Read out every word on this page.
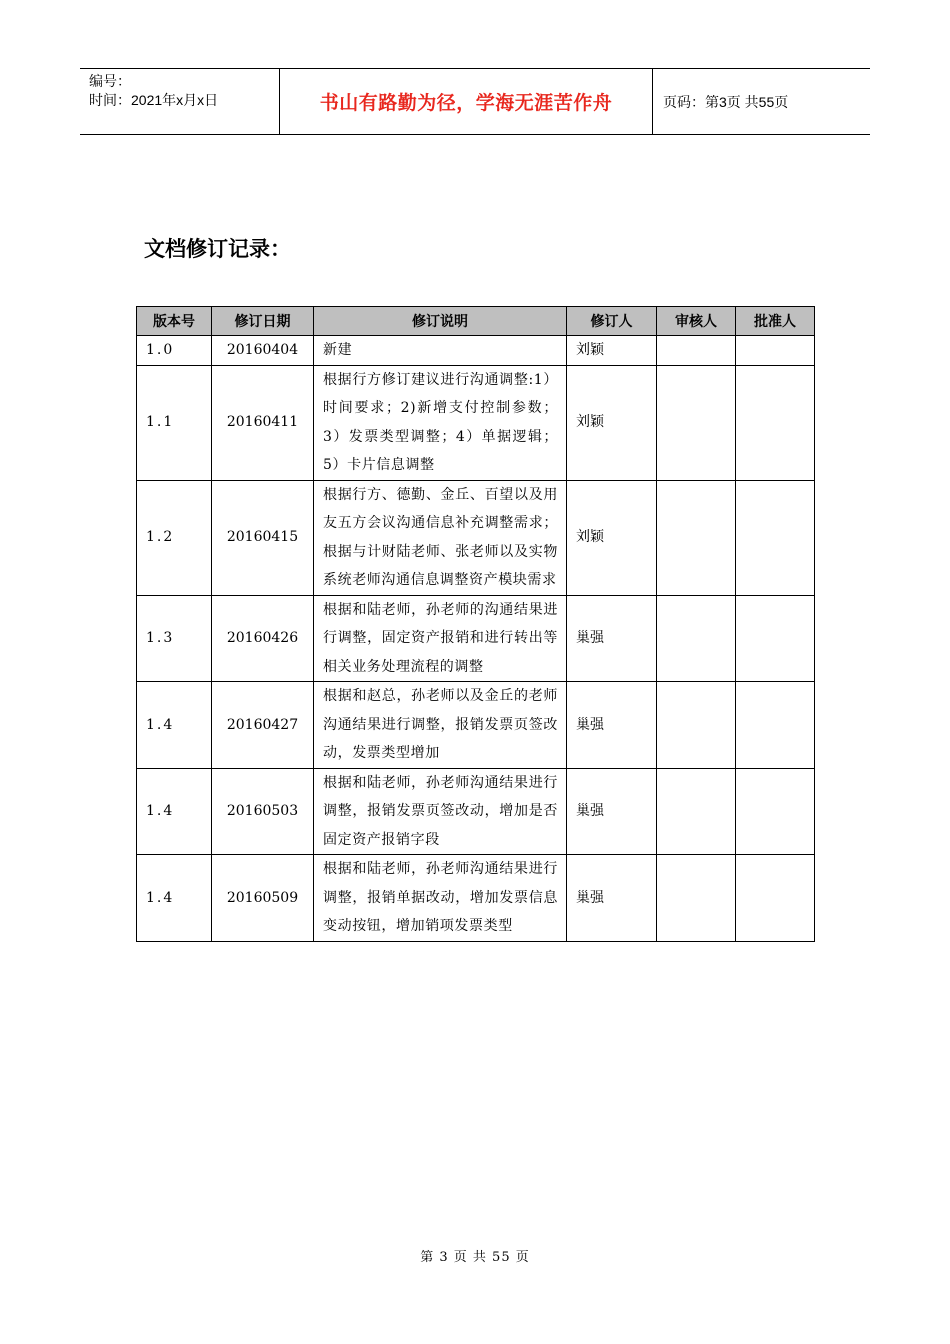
编号：
时间：2021年x月x日	书山有路勤为径，学海无涯苦作舟	页码：第3页 共55页
文档修订记录：
版本号	修订日期	修订说明	修订人	审核人	批准人
1.0	20160404	新建	刘颖		
1.1	20160411	根据行方修订建议进行沟通调整:1）时间要求；2)新增支付控制参数；3）发票类型调整；4）单据逻辑；5）卡片信息调整	刘颖		
1.2	20160415	根据行方、德勤、金丘、百望以及用友五方会议沟通信息补充调整需求；根据与计财陆老师、张老师以及实物系统老师沟通信息调整资产模块需求	刘颖		
1.3	20160426	根据和陆老师，孙老师的沟通结果进行调整，固定资产报销和进行转出等相关业务处理流程的调整	巢强		
1.4	20160427	根据和赵总，孙老师以及金丘的老师沟通结果进行调整，报销发票页签改动，发票类型增加	巢强		
1.4	20160503	根据和陆老师，孙老师沟通结果进行调整，报销发票页签改动，增加是否固定资产报销字段	巢强		
1.4	20160509	根据和陆老师，孙老师沟通结果进行调整，报销单据改动，增加发票信息变动按钮，增加销项发票类型	巢强		
第 3 页 共 55 页
